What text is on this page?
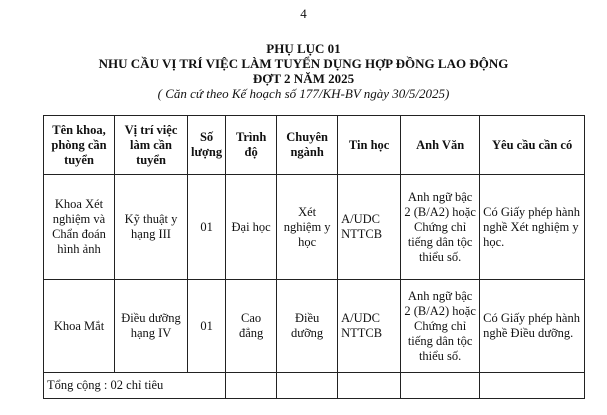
4
PHỤ LỤC 01
NHU CẦU VỊ TRÍ VIỆC LÀM TUYỂN DỤNG HỢP ĐỒNG LAO ĐỘNG
ĐỢT 2 NĂM 2025
( Căn cứ theo Kế hoạch số 177/KH-BV ngày 30/5/2025)
Tên khoa, phòng cần tuyển	Vị trí việc làm cần tuyển	Số lượng	Trình độ	Chuyên ngành	Tin học	Anh Văn	Yêu cầu cần có
Khoa Xét nghiệm và Chẩn đoán hình ảnh	Kỹ thuật y hạng III	01	Đại học	Xét nghiệm y học	A/UDC NTTCB	Anh ngữ bậc 2 (B/A2) hoặc Chứng chỉ tiếng dân tộc thiểu số.	Có Giấy phép hành nghề Xét nghiệm y học.
Khoa Mắt	Điều dưỡng hạng IV	01	Cao đẳng	Điều dưỡng	A/UDC NTTCB	Anh ngữ bậc 2 (B/A2) hoặc Chứng chỉ tiếng dân tộc thiểu số.	Có Giấy phép hành nghề Điều dưỡng.
Tổng cộng : 02 chỉ tiêu							
